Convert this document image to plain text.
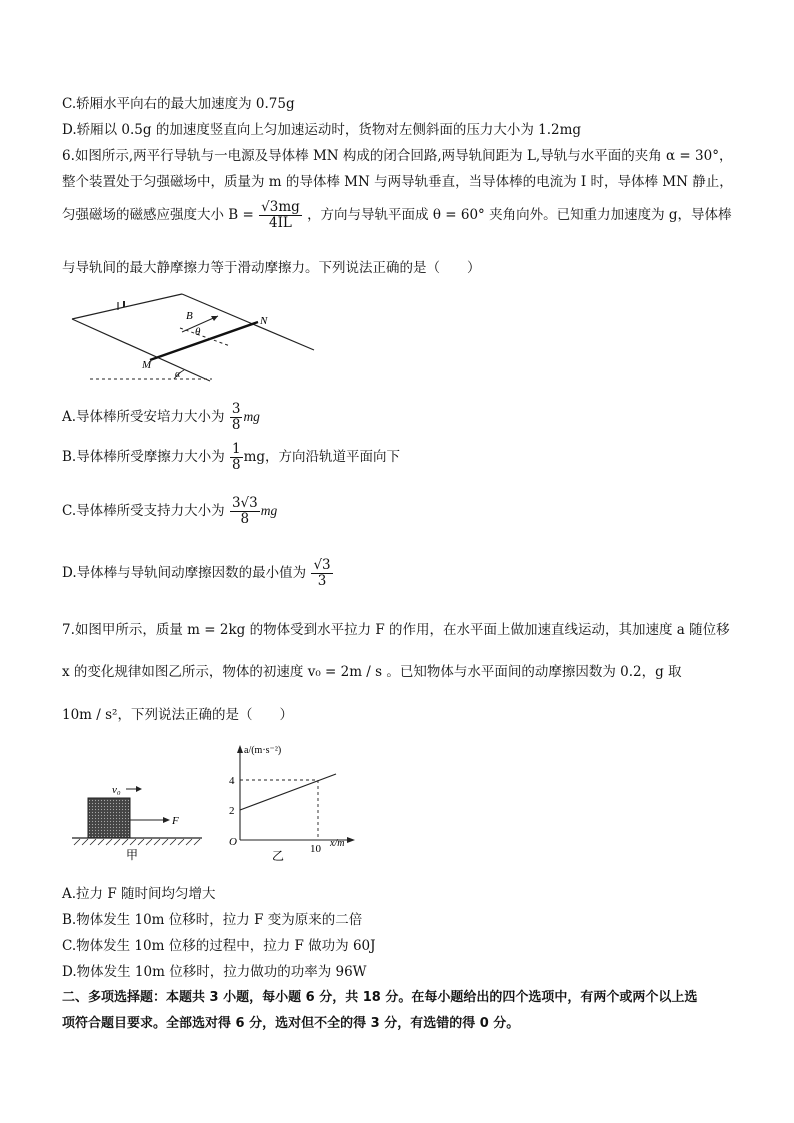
C.轿厢水平向右的最大加速度为 0.75g
D.轿厢以 0.5g 的加速度竖直向上匀加速运动时，货物对左侧斜面的压力大小为 1.2mg
6.如图所示,两平行导轨与一电源及导体棒 MN 构成的闭合回路,两导轨间距为 L,导轨与水平面的夹角 α = 30°，
整个装置处于匀强磁场中，质量为 m 的导体棒 MN 与两导轨垂直，当导体棒的电流为 I 时，导体棒 MN 静止，
匀强磁场的磁感应强度大小 $B = \frac{√3mg}{4IL}$ ，方向与导轨平面成 θ = 60° 夹角向外。已知重力加速度为 g，导体棒
与导轨间的最大静摩擦力等于滑动摩擦力。下列说法正确的是（　　）
B
θ
N
M
α
A.导体棒所受安培力大小为 $\frac{3}{8}$ mg
B.导体棒所受摩擦力大小为 $\frac{1}{8}$ mg，方向沿轨道平面向下
C.导体棒所受支持力大小为 $\frac{3√3}{8}$ mg
D.导体棒与导轨间动摩擦因数的最小值为 $\frac{√3}{3}$
7.如图甲所示，质量 m = 2kg 的物体受到水平拉力 F 的作用，在水平面上做加速直线运动，其加速度 a 随位移
x 的变化规律如图乙所示，物体的初速度 v₀ = 2m / s 。已知物体与水平面间的动摩擦因数为 0.2，g 取
10m / s²，下列说法正确的是（　　）
v₀
F
甲
a/(m·s⁻²)
4
2
O
10 x/m
乙
A.拉力 F 随时间均匀增大
B.物体发生 10m 位移时，拉力 F 变为原来的二倍
C.物体发生 10m 位移的过程中，拉力 F 做功为 60J
D.物体发生 10m 位移时，拉力做功的功率为 96W
二、多项选择题：本题共 3 小题，每小题 6 分，共 18 分。在每小题给出的四个选项中，有两个或两个以上选
项符合题目要求。全部选对得 6 分，选对但不全的得 3 分，有选错的得 0 分。
